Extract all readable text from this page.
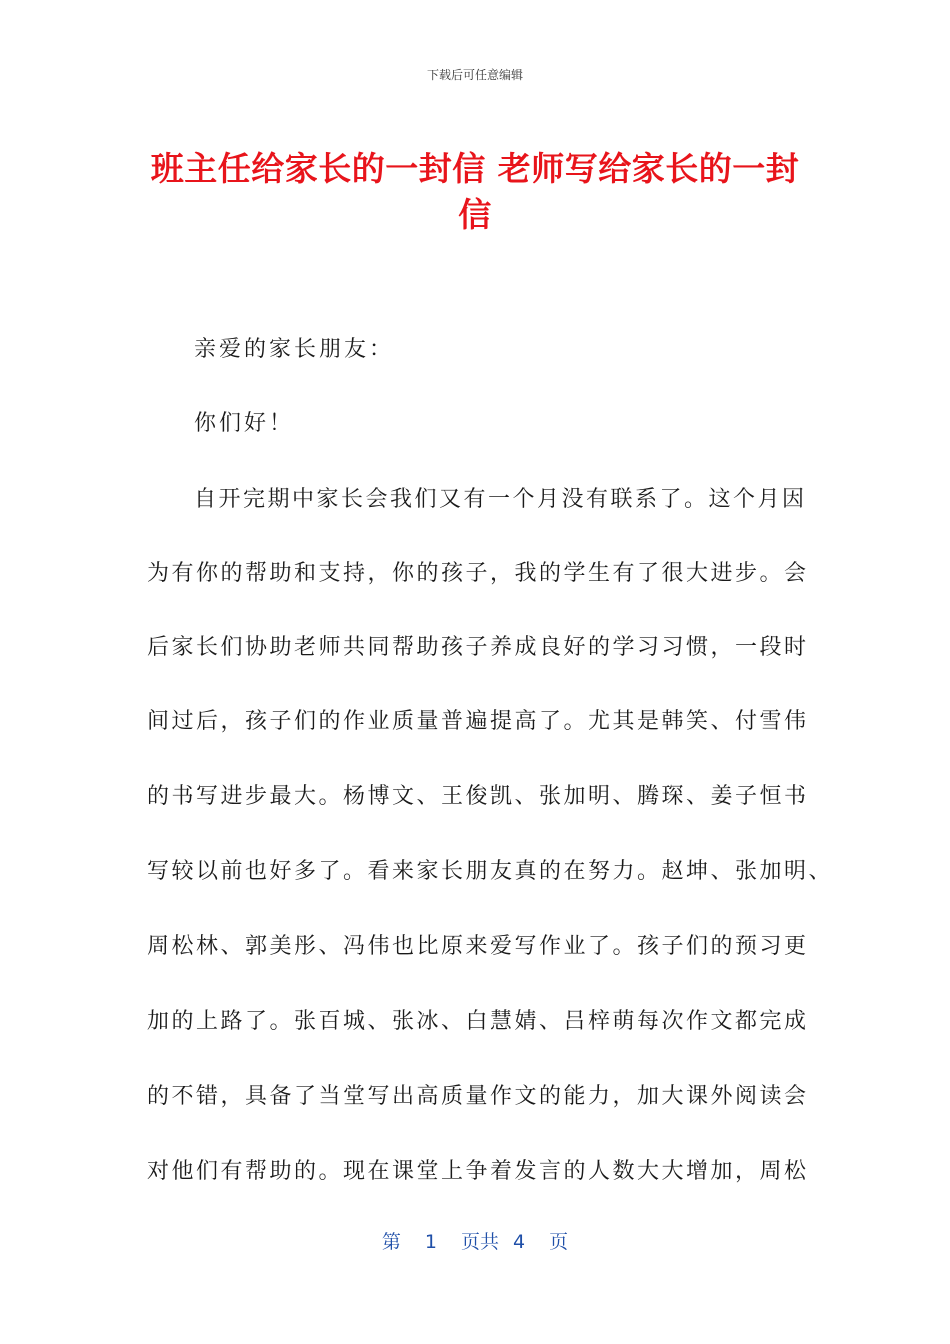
下载后可任意编辑
班主任给家长的一封信 老师写给家长的一封
信
亲爱的家长朋友：
你们好！
自开完期中家长会我们又有一个月没有联系了。这个月因
为有你的帮助和支持，你的孩子，我的学生有了很大进步。会
后家长们协助老师共同帮助孩子养成良好的学习习惯，一段时
间过后，孩子们的作业质量普遍提高了。尤其是韩笑、付雪伟
的书写进步最大。杨博文、王俊凯、张加明、腾琛、姜子恒书
写较以前也好多了。看来家长朋友真的在努力。赵坤、张加明、
周松林、郭美彤、冯伟也比原来爱写作业了。孩子们的预习更
加的上路了。张百城、张冰、白慧婧、吕梓萌每次作文都完成
的不错，具备了当堂写出高质量作文的能力，加大课外阅读会
对他们有帮助的。现在课堂上争着发言的人数大大增加，周松
第 1 页共 4 页
